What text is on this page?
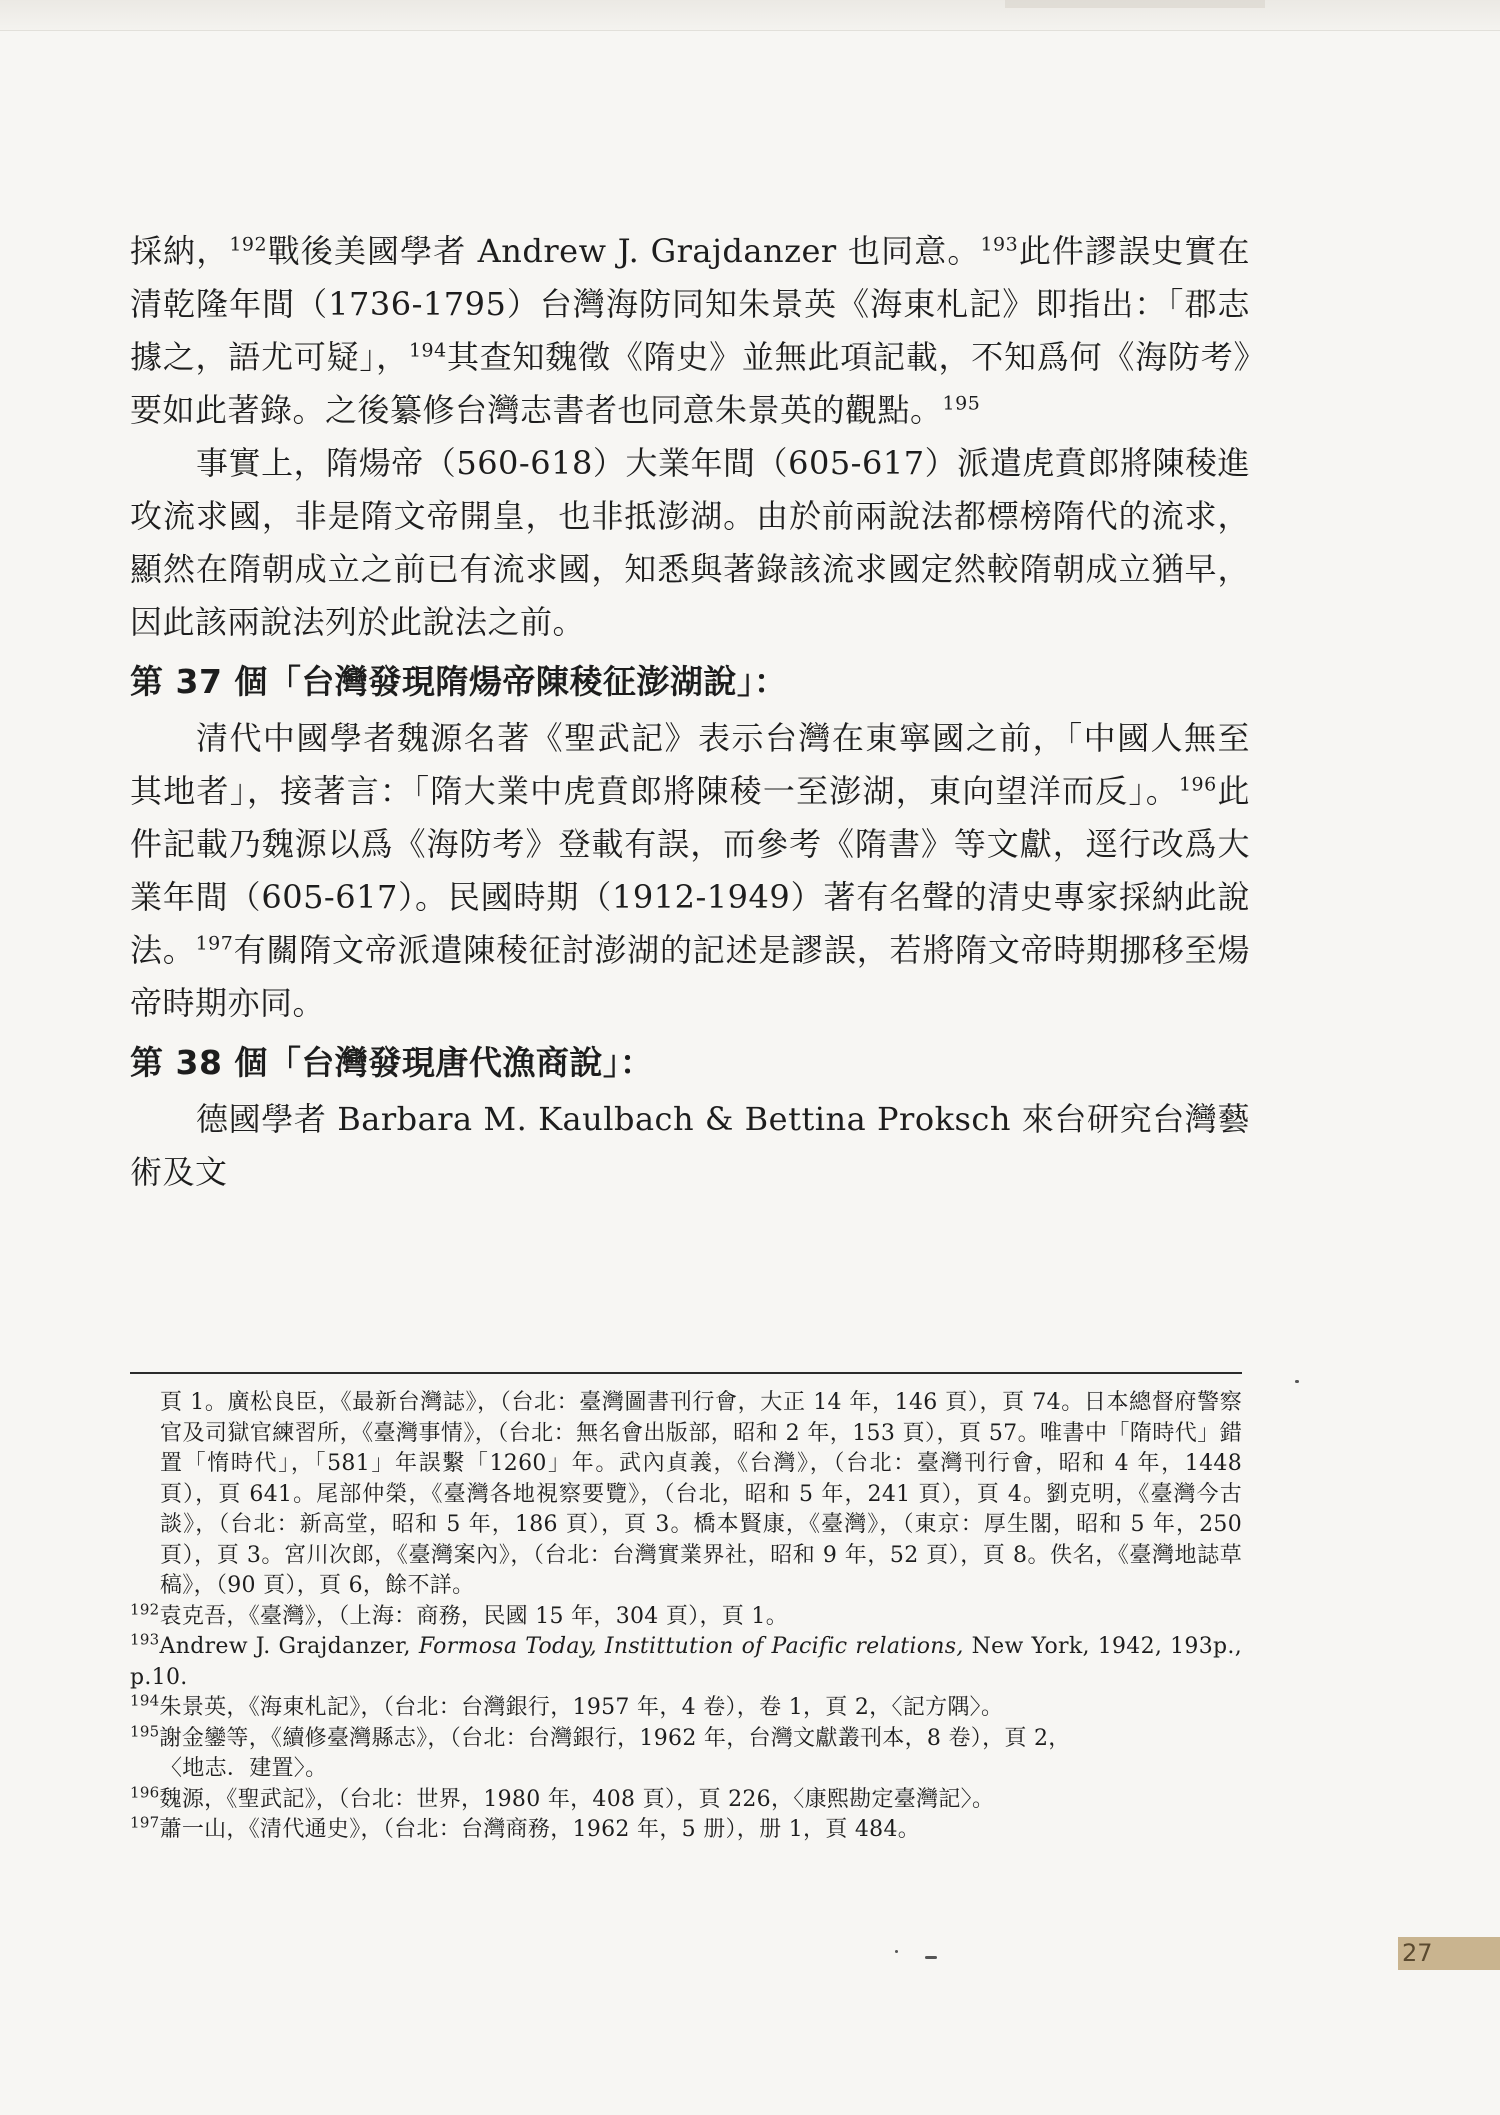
採納，$^{192}$戰後美國學者 Andrew J. Grajdanzer 也同意。$^{193}$此件謬誤史實在清乾隆年間（1736-1795）台灣海防同知朱景英《海東札記》即指出：「郡志據之，語尤可疑」，$^{194}$其查知魏徵《隋史》並無此項記載，不知爲何《海防考》要如此著錄。之後纂修台灣志書者也同意朱景英的觀點。$^{195}$

事實上，隋煬帝（560-618）大業年間（605-617）派遣虎賁郎將陳稜進攻流求國，非是隋文帝開皇，也非抵澎湖。由於前兩說法都標榜隋代的流求，顯然在隋朝成立之前已有流求國，知悉與著錄該流求國定然較隋朝成立猶早，因此該兩說法列於此說法之前。

第 37 個「台灣發現隋煬帝陳稜征澎湖說」：

清代中國學者魏源名著《聖武記》表示台灣在東寧國之前，「中國人無至其地者」，接著言：「隋大業中虎賁郎將陳稜一至澎湖，東向望洋而反」。$^{196}$此件記載乃魏源以爲《海防考》登載有誤，而參考《隋書》等文獻，逕行改爲大業年間（605-617）。民國時期（1912-1949）著有名聲的清史專家採納此說法。$^{197}$有關隋文帝派遣陳稜征討澎湖的記述是謬誤，若將隋文帝時期挪移至煬帝時期亦同。

第 38 個「台灣發現唐代漁商說」：

德國學者 Barbara M. Kaulbach & Bettina Proksch 來台研究台灣藝術及文

頁 1。廣松良臣，《最新台灣誌》，（台北：臺灣圖書刊行會，大正 14 年，146 頁），頁 74。日本總督府警察官及司獄官練習所，《臺灣事情》，（台北：無名會出版部，昭和 2 年，153 頁），頁 57。唯書中「隋時代」錯置「惰時代」，「581」年誤繫「1260」年。武內貞義，《台灣》，（台北：臺灣刊行會，昭和 4 年，1448 頁），頁 641。尾部仲榮，《臺灣各地視察要覽》，（台北，昭和 5 年，241 頁），頁 4。劉克明，《臺灣今古談》，（台北：新高堂，昭和 5 年，186 頁），頁 3。橋本賢康，《臺灣》，（東京：厚生閣，昭和 5 年，250 頁），頁 3。宮川次郎，《臺灣案內》，（台北：台灣實業界社，昭和 9 年，52 頁），頁 8。佚名，《臺灣地誌草稿》，（90 頁），頁 6，餘不詳。

$^{192}$袁克吾，《臺灣》，（上海：商務，民國 15 年，304 頁），頁 1。

$^{193}$Andrew J. Grajdanzer, Formosa Today, Instittution of Pacific relations, New York, 1942, 193p., p.10.

$^{194}$朱景英，《海東札記》，（台北：台灣銀行，1957 年，4 卷），卷 1，頁 2，〈記方隅〉。

$^{195}$謝金鑾等，《續修臺灣縣志》，（台北：台灣銀行，1962 年，台灣文獻叢刊本，8 卷），頁 2，

〈地志．建置〉。

$^{196}$魏源，《聖武記》，（台北：世界，1980 年，408 頁），頁 226，〈康熙勘定臺灣記〉。

$^{197}$蕭一山，《清代通史》，（台北：台灣商務，1962 年，5 册），册 1，頁 484。

27
